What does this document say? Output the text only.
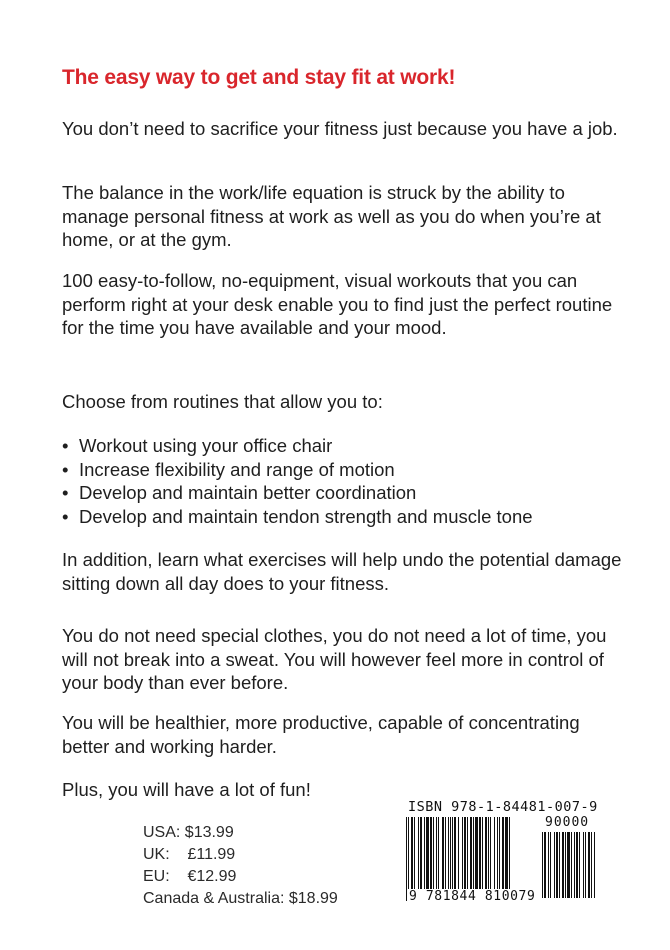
The easy way to get and stay fit at work!

You don’t need to sacrifice your fitness just because you have a job.

The balance in the work/life equation is struck by the ability to manage personal fitness at work as well as you do when you’re at home, or at the gym.

100 easy-to-follow, no-equipment, visual workouts that you can perform right at your desk enable you to find just the perfect routine for the time you have available and your mood.

Choose from routines that allow you to:

• Workout using your office chair
• Increase flexibility and range of motion
• Develop and maintain better coordination
• Develop and maintain tendon strength and muscle tone

In addition, learn what exercises will help undo the potential damage sitting down all day does to your fitness.

You do not need special clothes, you do not need a lot of time, you will not break into a sweat. You will however feel more in control of your body than ever before.

You will be healthier, more productive, capable of concentrating better and working harder.

Plus, you will have a lot of fun!

USA: $13.99
UK:    £11.99
EU:    €12.99
Canada & Australia: $18.99
ISBN 978-1-84481-007-9
90000
9 781844 810079
